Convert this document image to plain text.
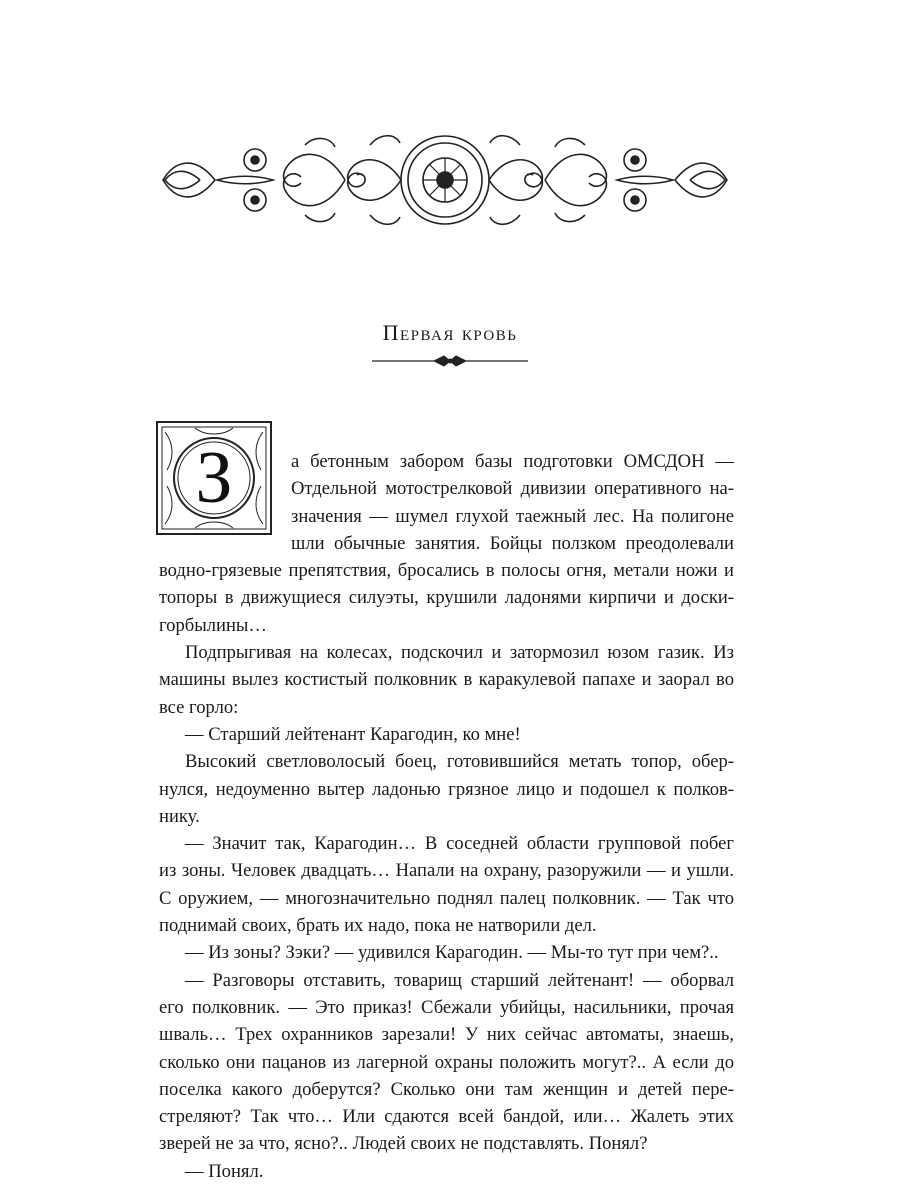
Первая кровь
З	а бетонным забором базы подготовки ОМСДОН —
Отдельной мотострелковой дивизии оперативного на-
значения — шумел глухой таежный лес. На полигоне
шли обычные занятия. Бойцы ползком преодолевали
водно-грязевые препятствия, бросались в полосы огня, метали ножи и
топоры в движущиеся силуэты, крушили ладонями кирпичи и доски-
горбылины…
Подпрыгивая на колесах, подскочил и затормозил юзом газик. Из
машины вылез костистый полковник в каракулевой папахе и заорал во
все горло:
— Старший лейтенант Карагодин, ко мне!
Высокий светловолосый боец, готовившийся метать топор, обер-
нулся, недоуменно вытер ладонью грязное лицо и подошел к полков-
нику.
— Значит так, Карагодин… В соседней области групповой побег
из зоны. Человек двадцать… Напали на охрану, разоружили — и ушли.
С оружием, — многозначительно поднял палец полковник. — Так что
поднимай своих, брать их надо, пока не натворили дел.
— Из зоны? Зэки? — удивился Карагодин. — Мы-то тут при чем?..
— Разговоры отставить, товарищ старший лейтенант! — оборвал
его полковник. — Это приказ! Сбежали убийцы, насильники, прочая
шваль… Трех охранников зарезали! У них сейчас автоматы, знаешь,
сколько они пацанов из лагерной охраны положить могут?.. А если до
поселка какого доберутся? Сколько они там женщин и детей пере-
стреляют? Так что… Или сдаются всей бандой, или… Жалеть этих
зверей не за что, ясно?.. Людей своих не подставлять. Понял?
— Понял.
